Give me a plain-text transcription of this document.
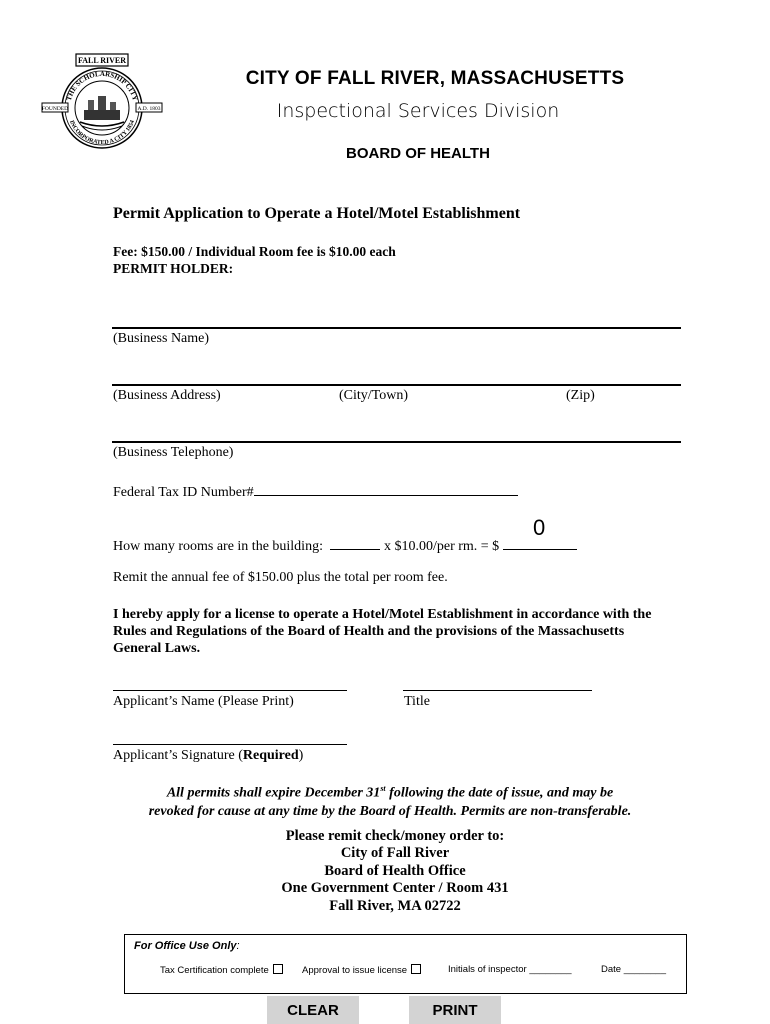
FALL RIVER
THE SCHOLARSHIP CITY
INCORPORATED A CITY 1854
FOUNDED	A.D. 1803
CITY OF FALL RIVER, MASSACHUSETTS
Inspectional Services Division
BOARD OF HEALTH
Permit Application to Operate a Hotel/Motel Establishment
Fee: $150.00 / Individual Room fee is $10.00 each
PERMIT HOLDER:
(Business Name)
(Business Address)	(City/Town)	(Zip)
(Business Telephone)
Federal Tax ID Number#
How many rooms are in the building:	x $10.00/per rm. = $
0
Remit the annual fee of $150.00 plus the total per room fee.
I hereby apply for a license to operate a Hotel/Motel Establishment in accordance with the Rules and Regulations of the Board of Health and the provisions of the Massachusetts General Laws.
Applicant’s Name (Please Print)	Title
Applicant’s Signature (Required)
All permits shall expire December 31st following the date of issue, and may be
revoked for cause at any time by the Board of Health. Permits are non-transferable.
Please remit check/money order to:
City of Fall River
Board of Health Office
One Government Center / Room 431
Fall River, MA 02722
For Office Use Only:
Tax Certification complete	Approval to issue license	Initials of inspector ________	Date ________
CLEAR	PRINT
